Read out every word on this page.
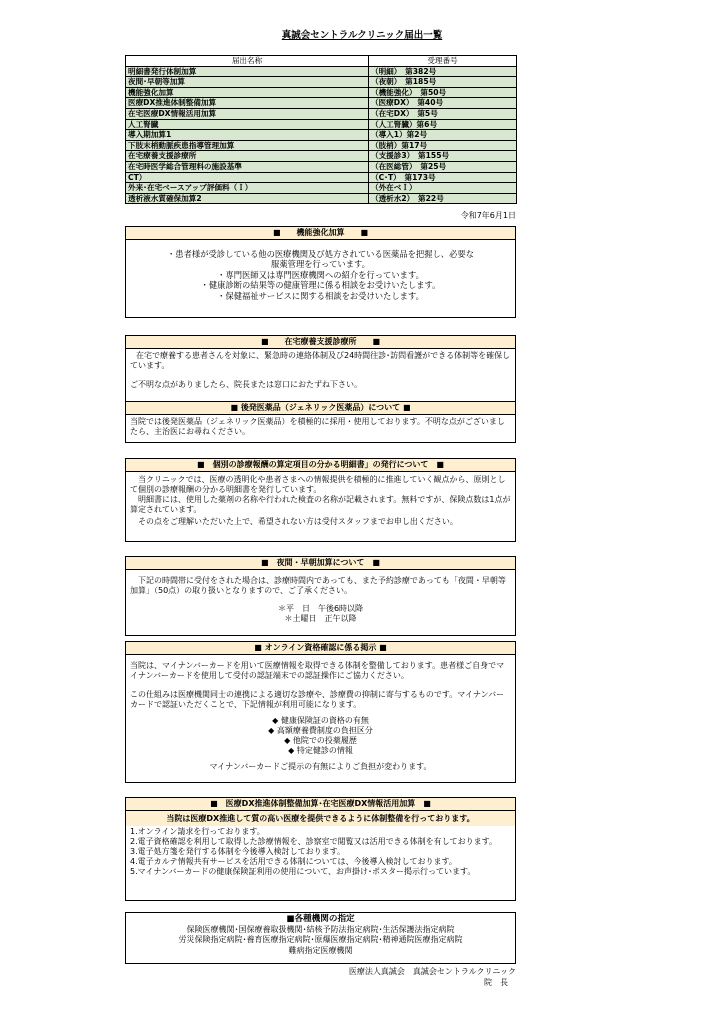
真誠会セントラルクリニック届出一覧
届出名称	受理番号
明細書発行体制加算	（明細）　第382号
夜間･早朝等加算	（夜朝）　第185号
機能強化加算	（機能強化）　第50号
医療DX推進体制整備加算	（医療DX）　第40号
在宅医療DX情報活用加算	（在宅DX）　第5号
人工腎臓	（人工腎臓）第6号
導入期加算1	（導入1）第2号
下肢末梢動脈疾患指導管理加算	（肢梢）第17号
在宅療養支援診療所	（支援診3）　第155号
在宅時医学総合管理料の施設基準	（在医総管）　第25号
CT）	（C･T）　第173号
外来･在宅ベースアップ評価料（Ｉ）	（外在ベＩ）
透析液水質確保加算2	（透析水2）　第22号
令和7年6月1日
■　　機能強化加算　　■

・患者様が受診している他の医療機関及び処方されている医薬品を把握し、必要な

服薬管理を行っています。

・専門医師又は専門医療機関への紹介を行っています。

・健康診断の結果等の健康管理に係る相談をお受けいたします。

・保健福祉サービスに関する相談をお受けいたします。

■　　在宅療養支援診療所　　■

在宅で療養する患者さんを対象に、緊急時の連絡体制及び24時間往診･訪問看護ができる体制等を確保しています。

ご不明な点がありましたら、院長または窓口におたずね下さい。

■ 後発医薬品（ジェネリック医薬品）について ■

当院では後発医薬品（ジェネリック医薬品）を積極的に採用・使用しております。不明な点がございましたら、主治医にお尋ねください。

■　個別の診療報酬の算定項目の分かる明細書」の発行について　■

当クリニックでは、医療の透明化や患者さまへの情報提供を積極的に推進していく観点から、原則として個別の診療報酬の分かる明細書を発行しています。

明細書には、使用した薬剤の名称や行われた検査の名称が記載されます。無料ですが、保険点数は1点が算定されています。

その点をご理解いただいた上で、希望されない方は受付スタッフまでお申し出ください。

■　夜間・早朝加算について　■

下記の時間帯に受付をされた場合は、診療時間内であっても、また予約診療であっても「夜間・早朝等加算」（50点）の取り扱いとなりますので、ご了承ください。

＊平　日　午後6時以降

＊土曜日　正午以降

■ オンライン資格確認に係る掲示 ■

当院は、マイナンバーカードを用いて医療情報を取得できる体制を整備しております。患者様ご自身でマイナンバーカードを使用して受付の認証端末での認証操作にご協力ください。

この仕組みは医療機関同士の連携による適切な診療や、診療費の抑制に寄与するものです。マイナンバーカードで認証いただくことで、下記情報が利用可能になります。

◆ 健康保険証の資格の有無

◆ 高額療養費制度の負担区分

◆ 他院での投薬履歴

◆ 特定健診の情報

マイナンバーカードご提示の有無によりご負担が変わります。

■　医療DX推進体制整備加算･在宅医療DX情報活用加算　■
当院は医療DX推進して質の高い医療を提供できるように体制整備を行っております。

1.オンライン請求を行っております。

2.電子資格確認を利用して取得した診療情報を、診察室で閲覧又は活用できる体制を有しております。

3.電子処方箋を発行する体制を今後導入検討しております。

4.電子カルテ情報共有サービスを活用できる体制については、今後導入検討しております。

5.マイナンバーカードの健康保険証利用の使用について、お声掛け･ポスター掲示行っています。

■各種機関の指定

保険医療機関･国保療養取扱機関･結核予防法指定病院･生活保護法指定病院

労災保険指定病院･養育医療指定病院･原爆医療指定病院･精神通院医療指定病院

難病指定医療機関

医療法人真誠会　真誠会セントラルクリニック

院　長
